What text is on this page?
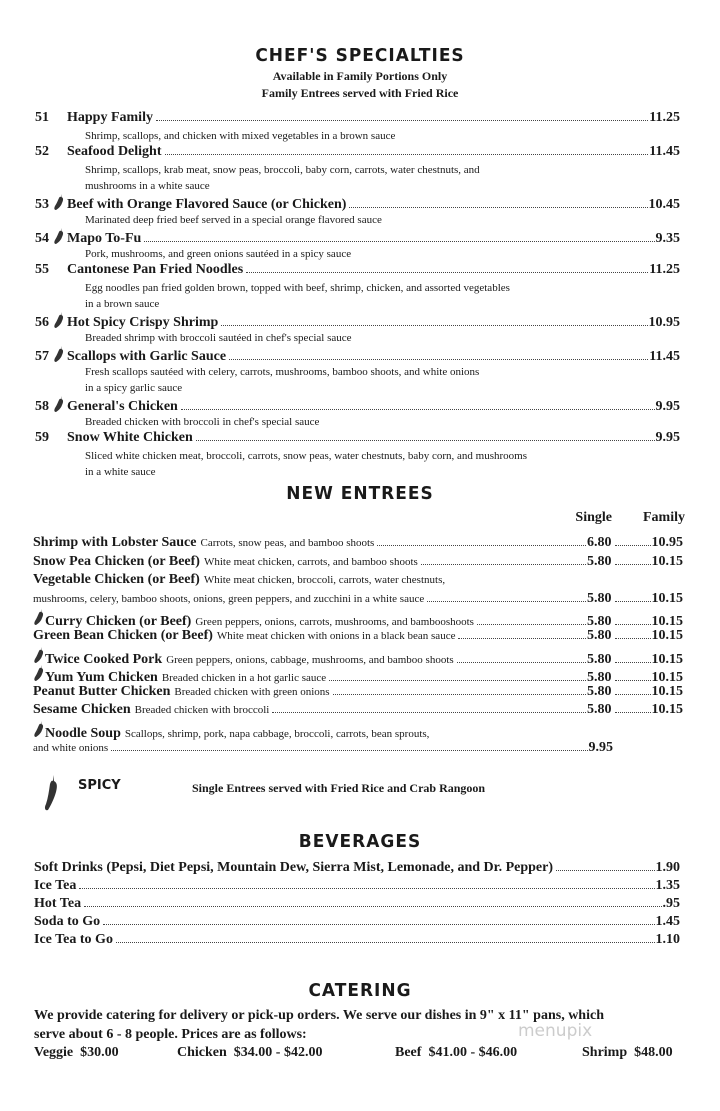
CHEF'S SPECIALTIES
Available in Family Portions Only
Family Entrees served with Fried Rice
51 Happy Family	11.25
Shrimp, scallops, and chicken with mixed vegetables in a brown sauce
52 Seafood Delight	11.45
Shrimp, scallops, krab meat, snow peas, broccoli, baby corn, carrots, water chestnuts, and
mushrooms in a white sauce
53 Beef with Orange Flavored Sauce (or Chicken)	10.45
Marinated deep fried beef served in a special orange flavored sauce
54 Mapo To-Fu	9.35
Pork, mushrooms, and green onions sautéed in a spicy sauce
55 Cantonese Pan Fried Noodles	11.25
Egg noodles pan fried golden brown, topped with beef, shrimp, chicken, and assorted vegetables
in a brown sauce
56 Hot Spicy Crispy Shrimp	10.95
Breaded shrimp with broccoli sautéed in chef's special sauce
57 Scallops with Garlic Sauce	11.45
Fresh scallops sautéed with celery, carrots, mushrooms, bamboo shoots, and white onions
in a spicy garlic sauce
58 General's Chicken	9.95
Breaded chicken with broccoli in chef's special sauce
59 Snow White Chicken	9.95
Sliced white chicken meat, broccoli, carrots, snow peas, water chestnuts, baby corn, and mushrooms
in a white sauce
NEW ENTREES
Single Family
Shrimp with Lobster Sauce Carrots, snow peas, and bamboo shoots	6.80	10.95
Snow Pea Chicken (or Beef) White meat chicken, carrots, and bamboo shoots	5.80	10.15
Vegetable Chicken (or Beef) White meat chicken, broccoli, carrots, water chestnuts,
mushrooms, celery, bamboo shoots, onions, green peppers, and zucchini in a white sauce	5.80	10.15
Curry Chicken (or Beef) Green peppers, onions, carrots, mushrooms, and bambooshoots	5.80	10.15
Green Bean Chicken (or Beef) White meat chicken with onions in a black bean sauce	5.80	10.15
Twice Cooked Pork Green peppers, onions, cabbage, mushrooms, and bamboo shoots	5.80	10.15
Yum Yum Chicken Breaded chicken in a hot garlic sauce	5.80	10.15
Peanut Butter Chicken Breaded chicken with green onions	5.80	10.15
Sesame Chicken Breaded chicken with broccoli	5.80	10.15
Noodle Soup Scallops, shrimp, pork, napa cabbage, broccoli, carrots, bean sprouts,
and white onions	9.95
SPICY	Single Entrees served with Fried Rice and Crab Rangoon
BEVERAGES
Soft Drinks (Pepsi, Diet Pepsi, Mountain Dew, Sierra Mist, Lemonade, and Dr. Pepper)	1.90
Ice Tea	1.35
Hot Tea	.95
Soda to Go	1.45
Ice Tea to Go	1.10
CATERING
We provide catering for delivery or pick-up orders. We serve our dishes in 9" x 11" pans, which
serve about 6 - 8 people. Prices are as follows:
Veggie $30.00	Chicken $34.00 - $42.00	Beef $41.00 - $46.00	Shrimp $48.00
menupix
